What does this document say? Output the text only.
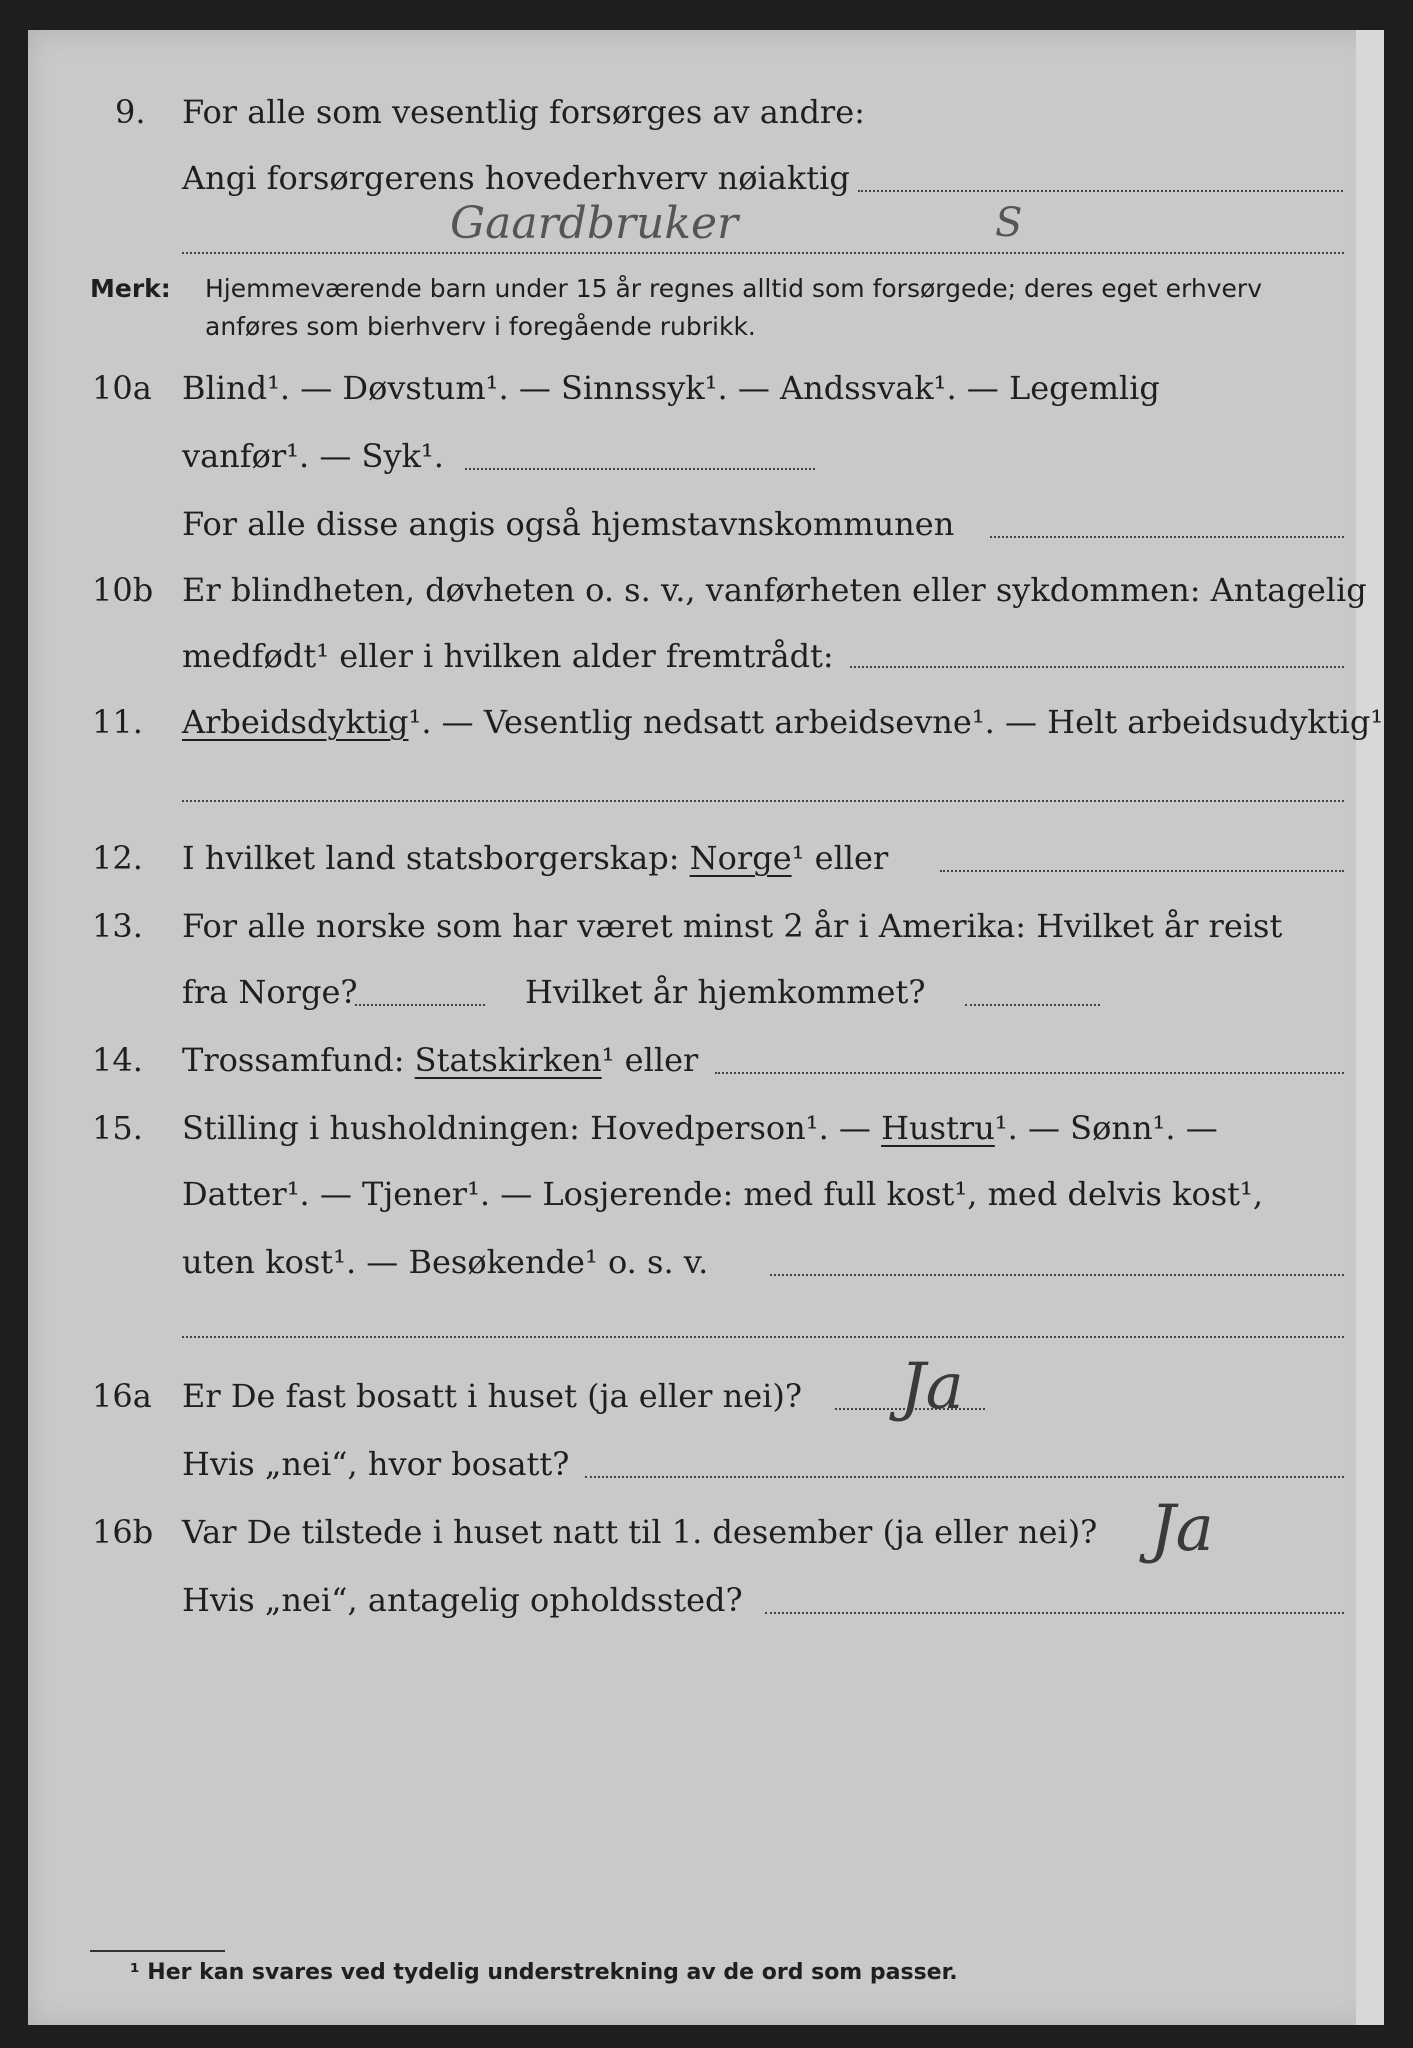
9.	For alle som vesentlig forsørges av andre:
Angi forsørgerens hovederhverv nøiaktig
Gaardbruker	S
Merk: Hjemmeværende barn under 15 år regnes alltid som forsørgede; deres eget erhverv
anføres som bierhverv i foregående rubrikk.
10a Blind¹. — Døvstum¹. — Sinnssyk¹. — Andssvak¹. — Legemlig
vanfør¹. — Syk¹.
For alle disse angis også hjemstavnskommunen
10b Er blindheten, døvheten o. s. v., vanførheten eller sykdommen: Antagelig
medfødt¹ eller i hvilken alder fremtrådt:
11.	Arbeidsdyktig¹. — Vesentlig nedsatt arbeidsevne¹. — Helt arbeidsudyktig¹.
12.	I hvilket land statsborgerskap: Norge¹ eller
13.	For alle norske som har været minst 2 år i Amerika: Hvilket år reist
fra Norge?	Hvilket år hjemkommet?
14.	Trossamfund: Statskirken¹ eller
15.	Stilling i husholdningen: Hovedperson¹. — Hustru¹. — Sønn¹. —
Datter¹. — Tjener¹. — Losjerende: med full kost¹, med delvis kost¹,
uten kost¹. — Besøkende¹ o. s. v.
16a Er De fast bosatt i huset (ja eller nei)? Ja
Hvis „nei“, hvor bosatt?
16b Var De tilstede i huset natt til 1. desember (ja eller nei)? Ja
Hvis „nei“, antagelig opholdssted?
¹ Her kan svares ved tydelig understrekning av de ord som passer.
